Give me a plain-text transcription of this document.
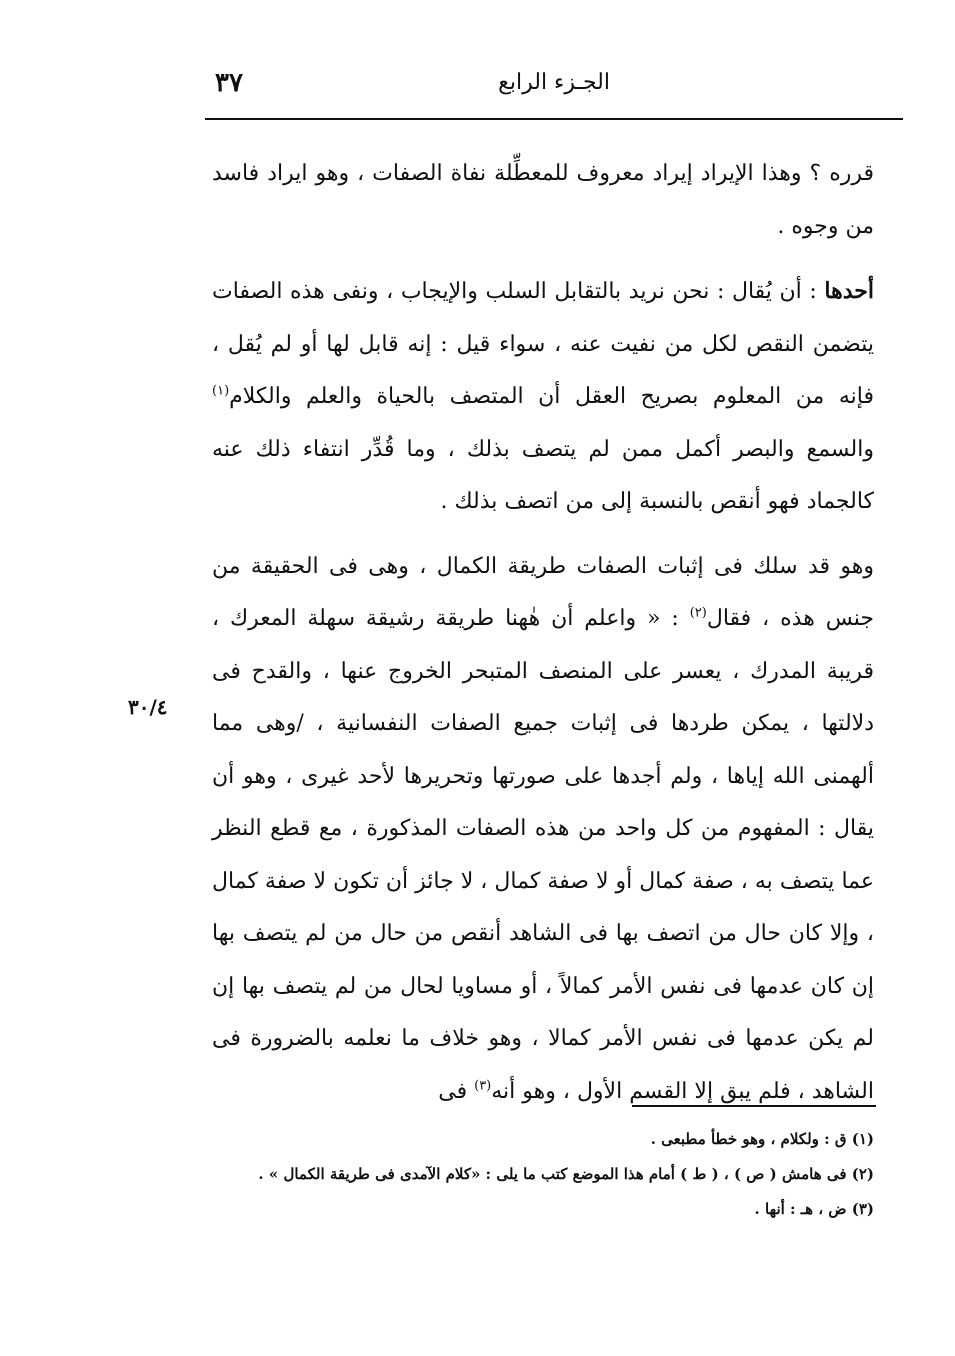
الجـزء الرابع
٣٧
٣٠/٤

قرره ؟ وهذا الإيراد إيراد معروف للمعطِّلة نفاة الصفات ، وهو ايراد فاسد من وجوه .

أحدها : أن يُقال : نحن نريد بالتقابل السلب والإيجاب ، ونفى هذه الصفات يتضمن النقص لكل من نفيت عنه ، سواء قيل : إنه قابل لها أو لم يُقل ، فإنه من المعلوم بصريح العقل أن المتصف بالحياة والعلم والكلام$^{(١)}$ والسمع والبصر أكمل ممن لم يتصف بذلك ، وما قُدِّر انتفاء ذلك عنه كالجماد فهو أنقص بالنسبة إلى من اتصف بذلك .

وهو قد سلك فى إثبات الصفات طريقة الكمال ، وهى فى الحقيقة من جنس هذه ، فقال$^{(٢)}$ : « واعلم أن هٰهنا طريقة رشيقة سهلة المعرك ، قريبة المدرك ، يعسر على المنصف المتبحر الخروج عنها ، والقدح فى دلالتها ، يمكن طردها فى إثبات جميع الصفات النفسانية ، /وهى مما ألهمنى الله إياها ، ولم أجدها على صورتها وتحريرها لأحد غيرى ، وهو أن يقال : المفهوم من كل واحد من هذه الصفات المذكورة ، مع قطع النظر عما يتصف به ، صفة كمال أو لا صفة كمال ، لا جائز أن تكون لا صفة كمال ، وإلا كان حال من اتصف بها فى الشاهد أنقص من حال من لم يتصف بها إن كان عدمها فى نفس الأمر كمالاً ، أو مساويا لحال من لم يتصف بها إن لم يكن عدمها فى نفس الأمر كمالا ، وهو خلاف ما نعلمه بالضرورة فى الشاهد ، فلم يبق إلا القسم الأول ، وهو أنه$^{(٣)}$ فى

(١) ق : ولكلام ، وهو خطأ مطبعى .
(٢) فى هامش ( ص ) ، ( ط ) أمام هذا الموضع كتب ما يلى : «كلام الآمدى فى طريقة الكمال » .
(٣) ض ، هـ : أنها .
